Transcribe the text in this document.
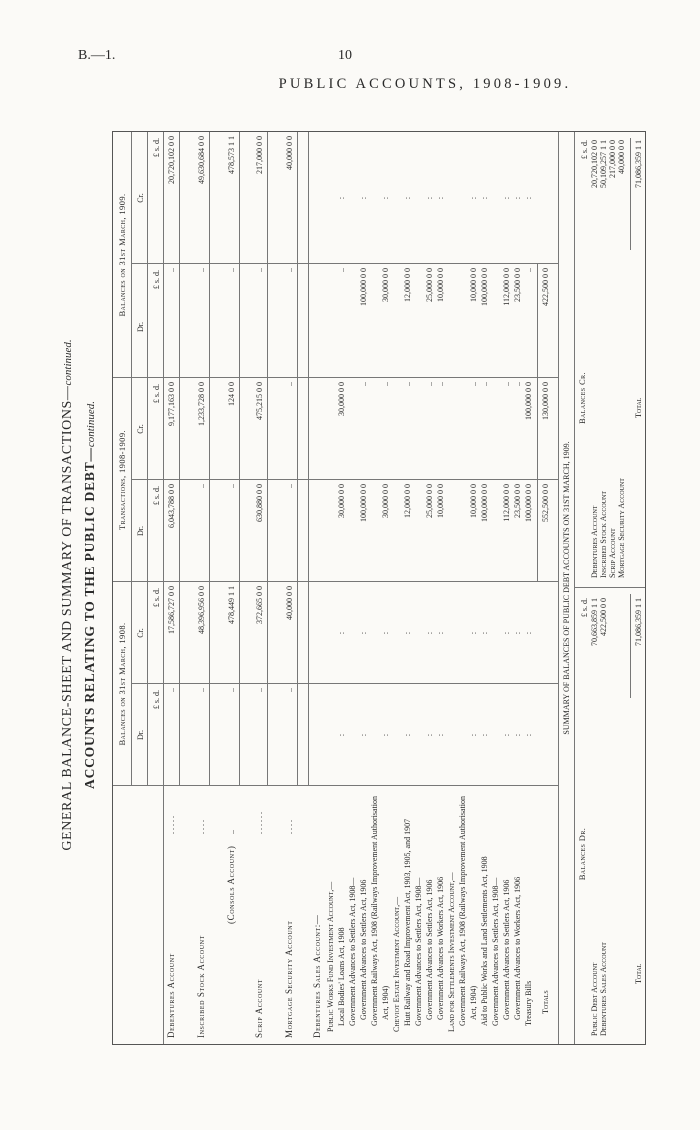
B.—1.	10
PUBLIC ACCOUNTS, 1908-1909.
GENERAL BALANCE-SHEET AND SUMMARY OF TRANSACTIONS—continued.
ACCOUNTS RELATING TO THE PUBLIC DEBT—continued.
Balances on 31st March, 1908.
Transactions, 1908-1909.
Balances on 31st March, 1909.
Dr.
Dr.
Dr.
Cr.
Cr.
Cr.
£ s. d.
£ s. d.
£ s. d.
£ s. d.
£ s. d.
£ s. d.
Debentures Account
. . . . .
..
17,586,727 0 0
6,043,788 0 0
9,177,163 0 0
..
20,720,102 0 0
Inscribed Stock Account
. . . .
..
48,396,956 0 0
..
1,233,728 0 0
..
49,630,684 0 0
(Consols Account)
..
..
478,449 1 1
..
124 0 0
..
478,573 1 1
Scrip Account
. . . . . .
..
372,665 0 0
630,880 0 0
475,215 0 0
..
217,000 0 0
Mortgage Security Account
. . . .
..
40,000 0 0
..
..
..
40,000 0 0
Debentures Sales Account:— Public Works Fund Investment Account,— Local Bodies' Loans Act, 1908
:
:
30,000 0 0
30,000 0 0
..
:
Government Advances to Settlers Act, 1908— Government Advances to Settlers Act, 1906
:
:
100,000 0 0
..
100,000 0 0
:
Government Railways Act, 1908 (Railways Improvement Authorisation Act, 1904)
:
:
30,000 0 0
..
30,000 0 0
:
Cheviot Estate Investment Account,— Hutt Railway and Road Improvement Act, 1903, 1905, and 1907
:
:
12,000 0 0
..
12,000 0 0
:
Government Advances to Settlers Act, 1908— Government Advances to Settlers Act, 1906
:
:
25,000 0 0
..
25,000 0 0
:
Government Advances to Workers Act, 1906
:
:
10,000 0 0
..
10,000 0 0
:
Land for Settlements Investment Account,— Government Railways Act, 1908 (Railways Improvement Authorisation Act, 1904)
:
:
10,000 0 0
..
10,000 0 0
:
Aid to Public Works and Land Settlements Act, 1908
:
:
100,000 0 0
..
100,000 0 0
:
Government Advances to Settlers Act, 1908— Government Advances to Settlers Act, 1906
:
:
112,000 0 0
..
112,000 0 0
:
Government Advances to Workers Act, 1906
:
:
23,500 0 0
..
23,500 0 0
:
Treasury Bills
:
:
100,000 0 0
100,000 0 0
..
:
Totals
552,500 0 0
130,000 0 0
422,500 0 0
SUMMARY OF BALANCES OF PUBLIC DEBT ACCOUNTS ON 31ST MARCH, 1909.
Balances Dr.
Balances Cr.
£ s. d.
£ s. d.
Public Debt Account
70,663,859 1 1
Debentures Sales Account
422,500 0 0
Debentures Account
20,720,102 0 0
Inscribed Stock Account
50,109,257 1 1
Scrip Account
217,000 0 0
Mortgage Security Account
40,000 0 0
Total
71,086,359 1 1
Total
71,086,359 1 1
